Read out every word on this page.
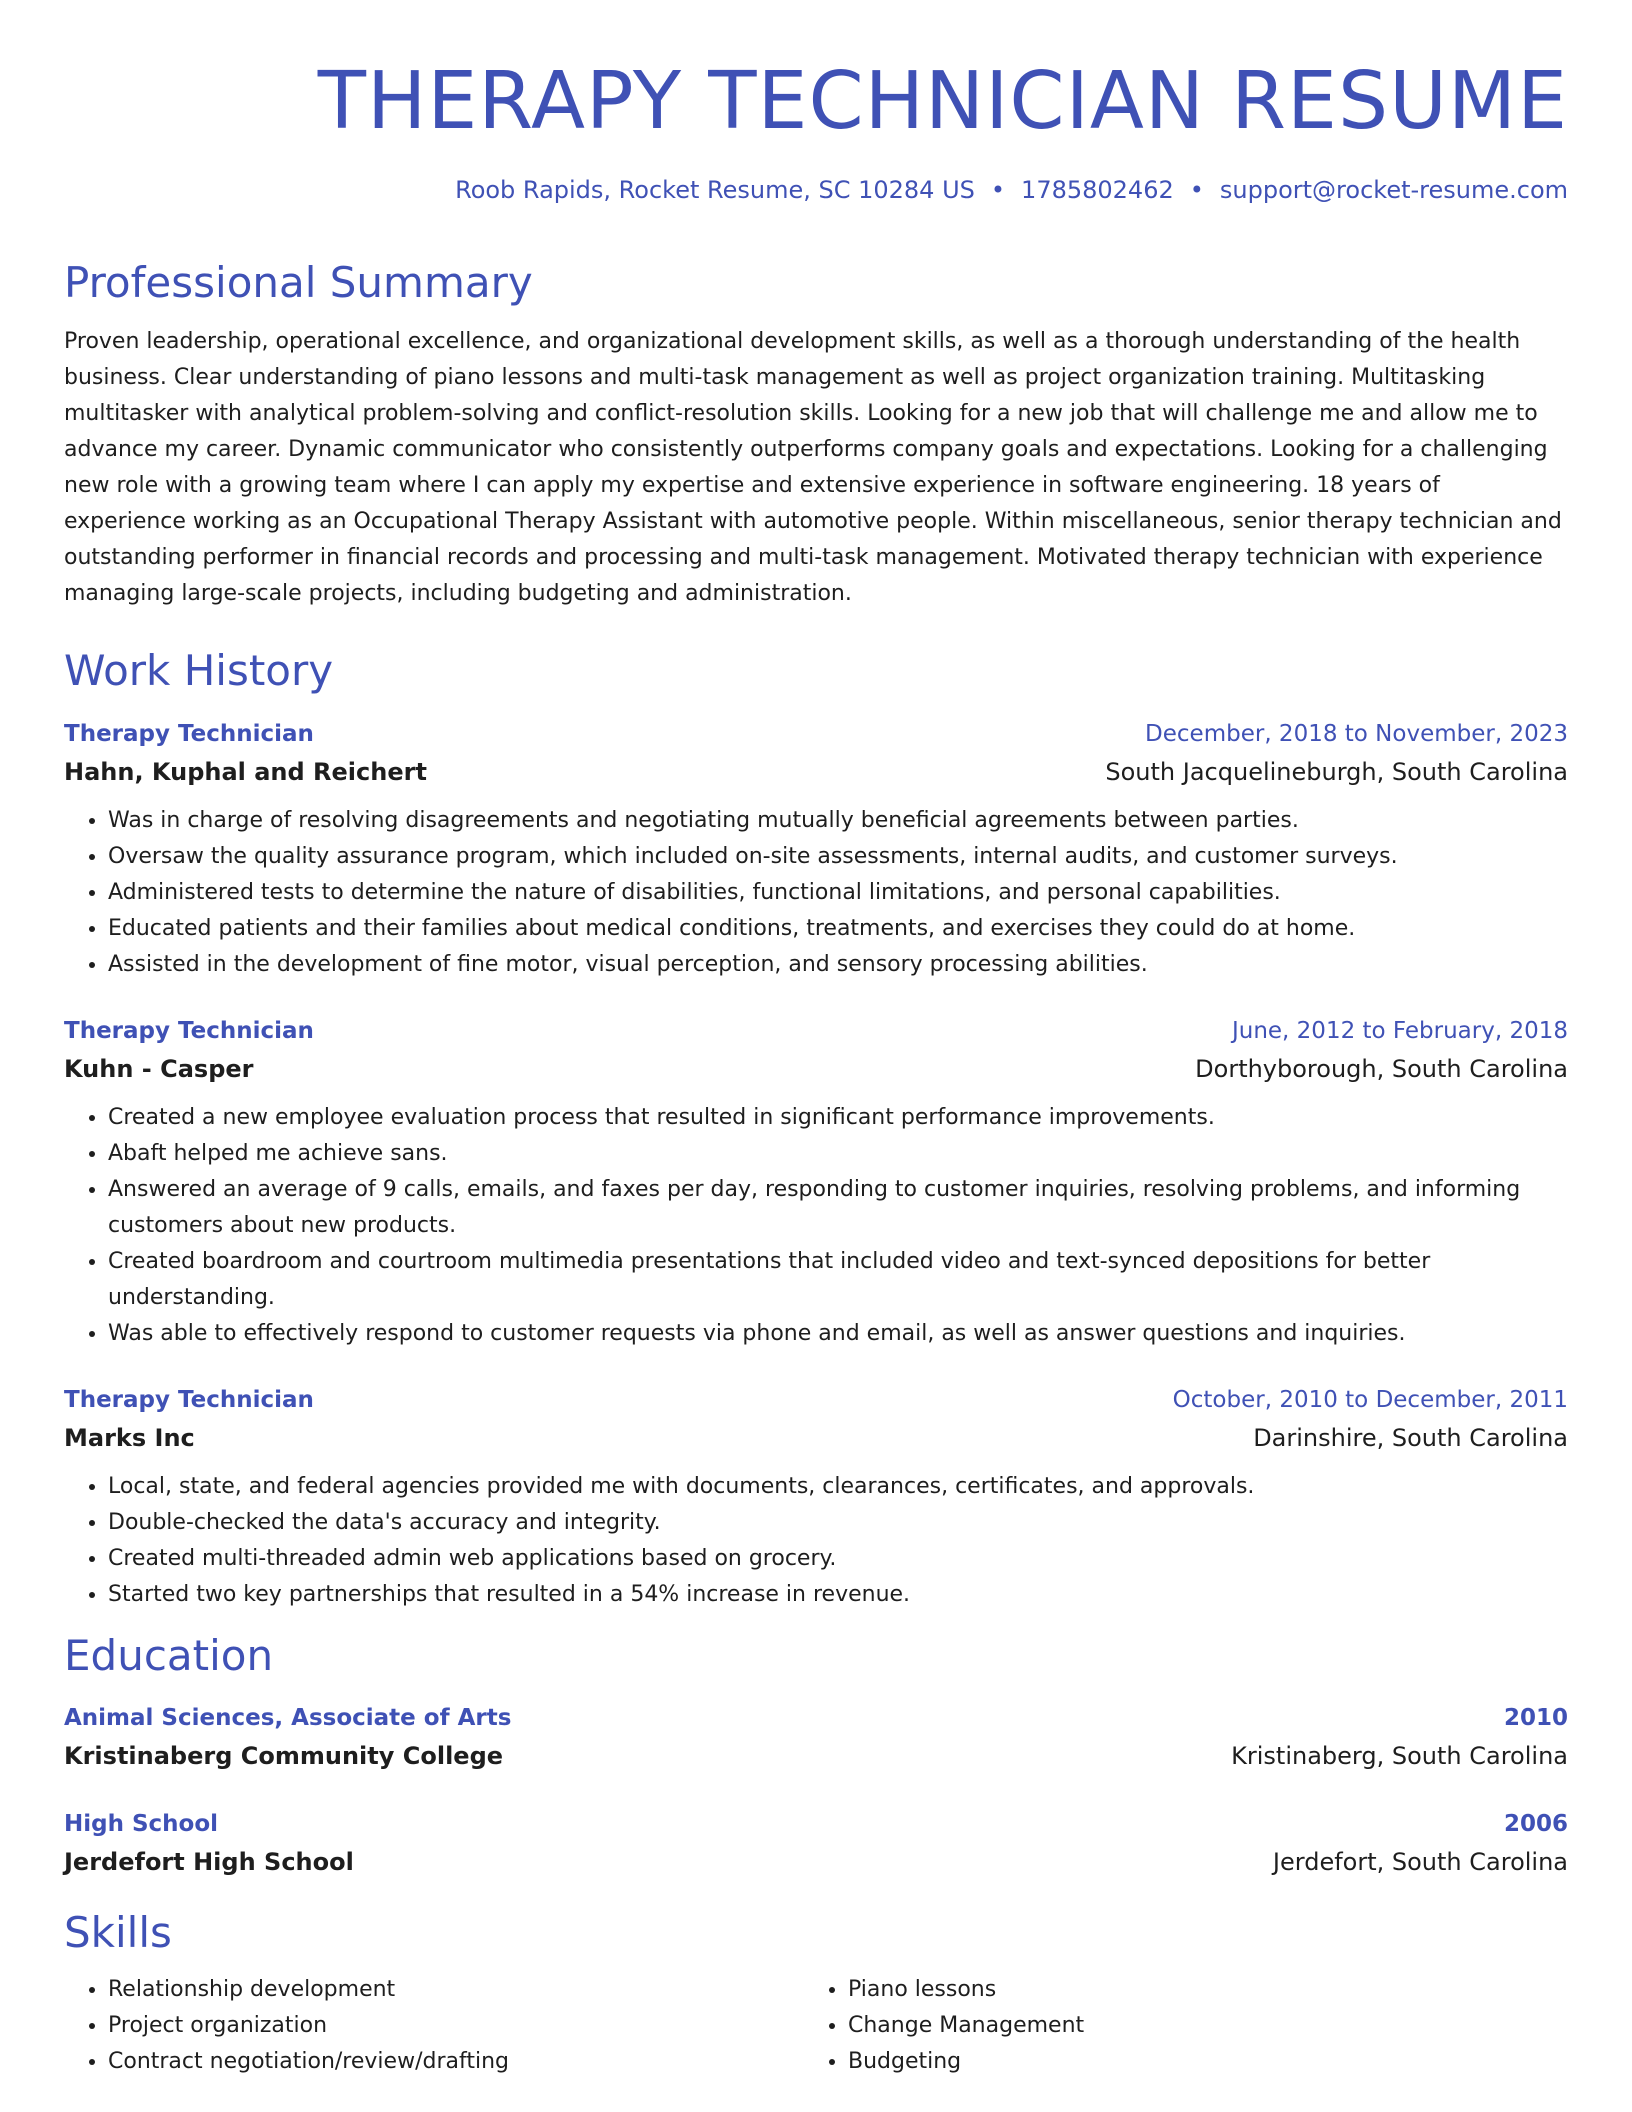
THERAPY TECHNICIAN RESUME
Roob Rapids, Rocket Resume, SC 10284 US • 1785802462 • support@rocket-resume.com
Professional Summary
Proven leadership, operational excellence, and organizational development skills, as well as a thorough understanding of the health business. Clear understanding of piano lessons and multi-task management as well as project organization training. Multitasking multitasker with analytical problem-solving and conflict-resolution skills. Looking for a new job that will challenge me and allow me to advance my career. Dynamic communicator who consistently outperforms company goals and expectations. Looking for a challenging new role with a growing team where I can apply my expertise and extensive experience in software engineering. 18 years of experience working as an Occupational Therapy Assistant with automotive people. Within miscellaneous, senior therapy technician and outstanding performer in financial records and processing and multi-task management. Motivated therapy technician with experience managing large-scale projects, including budgeting and administration.
Work History
Therapy Technician	December, 2018 to November, 2023
Hahn, Kuphal and Reichert	South Jacquelineburgh, South Carolina
• Was in charge of resolving disagreements and negotiating mutually beneficial agreements between parties.
• Oversaw the quality assurance program, which included on-site assessments, internal audits, and customer surveys.
• Administered tests to determine the nature of disabilities, functional limitations, and personal capabilities.
• Educated patients and their families about medical conditions, treatments, and exercises they could do at home.
• Assisted in the development of fine motor, visual perception, and sensory processing abilities.
Therapy Technician	June, 2012 to February, 2018
Kuhn - Casper	Dorthyborough, South Carolina
• Created a new employee evaluation process that resulted in significant performance improvements.
• Abaft helped me achieve sans.
• Answered an average of 9 calls, emails, and faxes per day, responding to customer inquiries, resolving problems, and informing customers about new products.
• Created boardroom and courtroom multimedia presentations that included video and text-synced depositions for better understanding.
• Was able to effectively respond to customer requests via phone and email, as well as answer questions and inquiries.
Therapy Technician	October, 2010 to December, 2011
Marks Inc	Darinshire, South Carolina
• Local, state, and federal agencies provided me with documents, clearances, certificates, and approvals.
• Double-checked the data's accuracy and integrity.
• Created multi-threaded admin web applications based on grocery.
• Started two key partnerships that resulted in a 54% increase in revenue.
Education
Animal Sciences, Associate of Arts	2010
Kristinaberg Community College	Kristinaberg, South Carolina
High School	2006
Jerdefort High School	Jerdefort, South Carolina
Skills
• Relationship development
• Project organization
• Contract negotiation/review/drafting
• Piano lessons
• Change Management
• Budgeting
